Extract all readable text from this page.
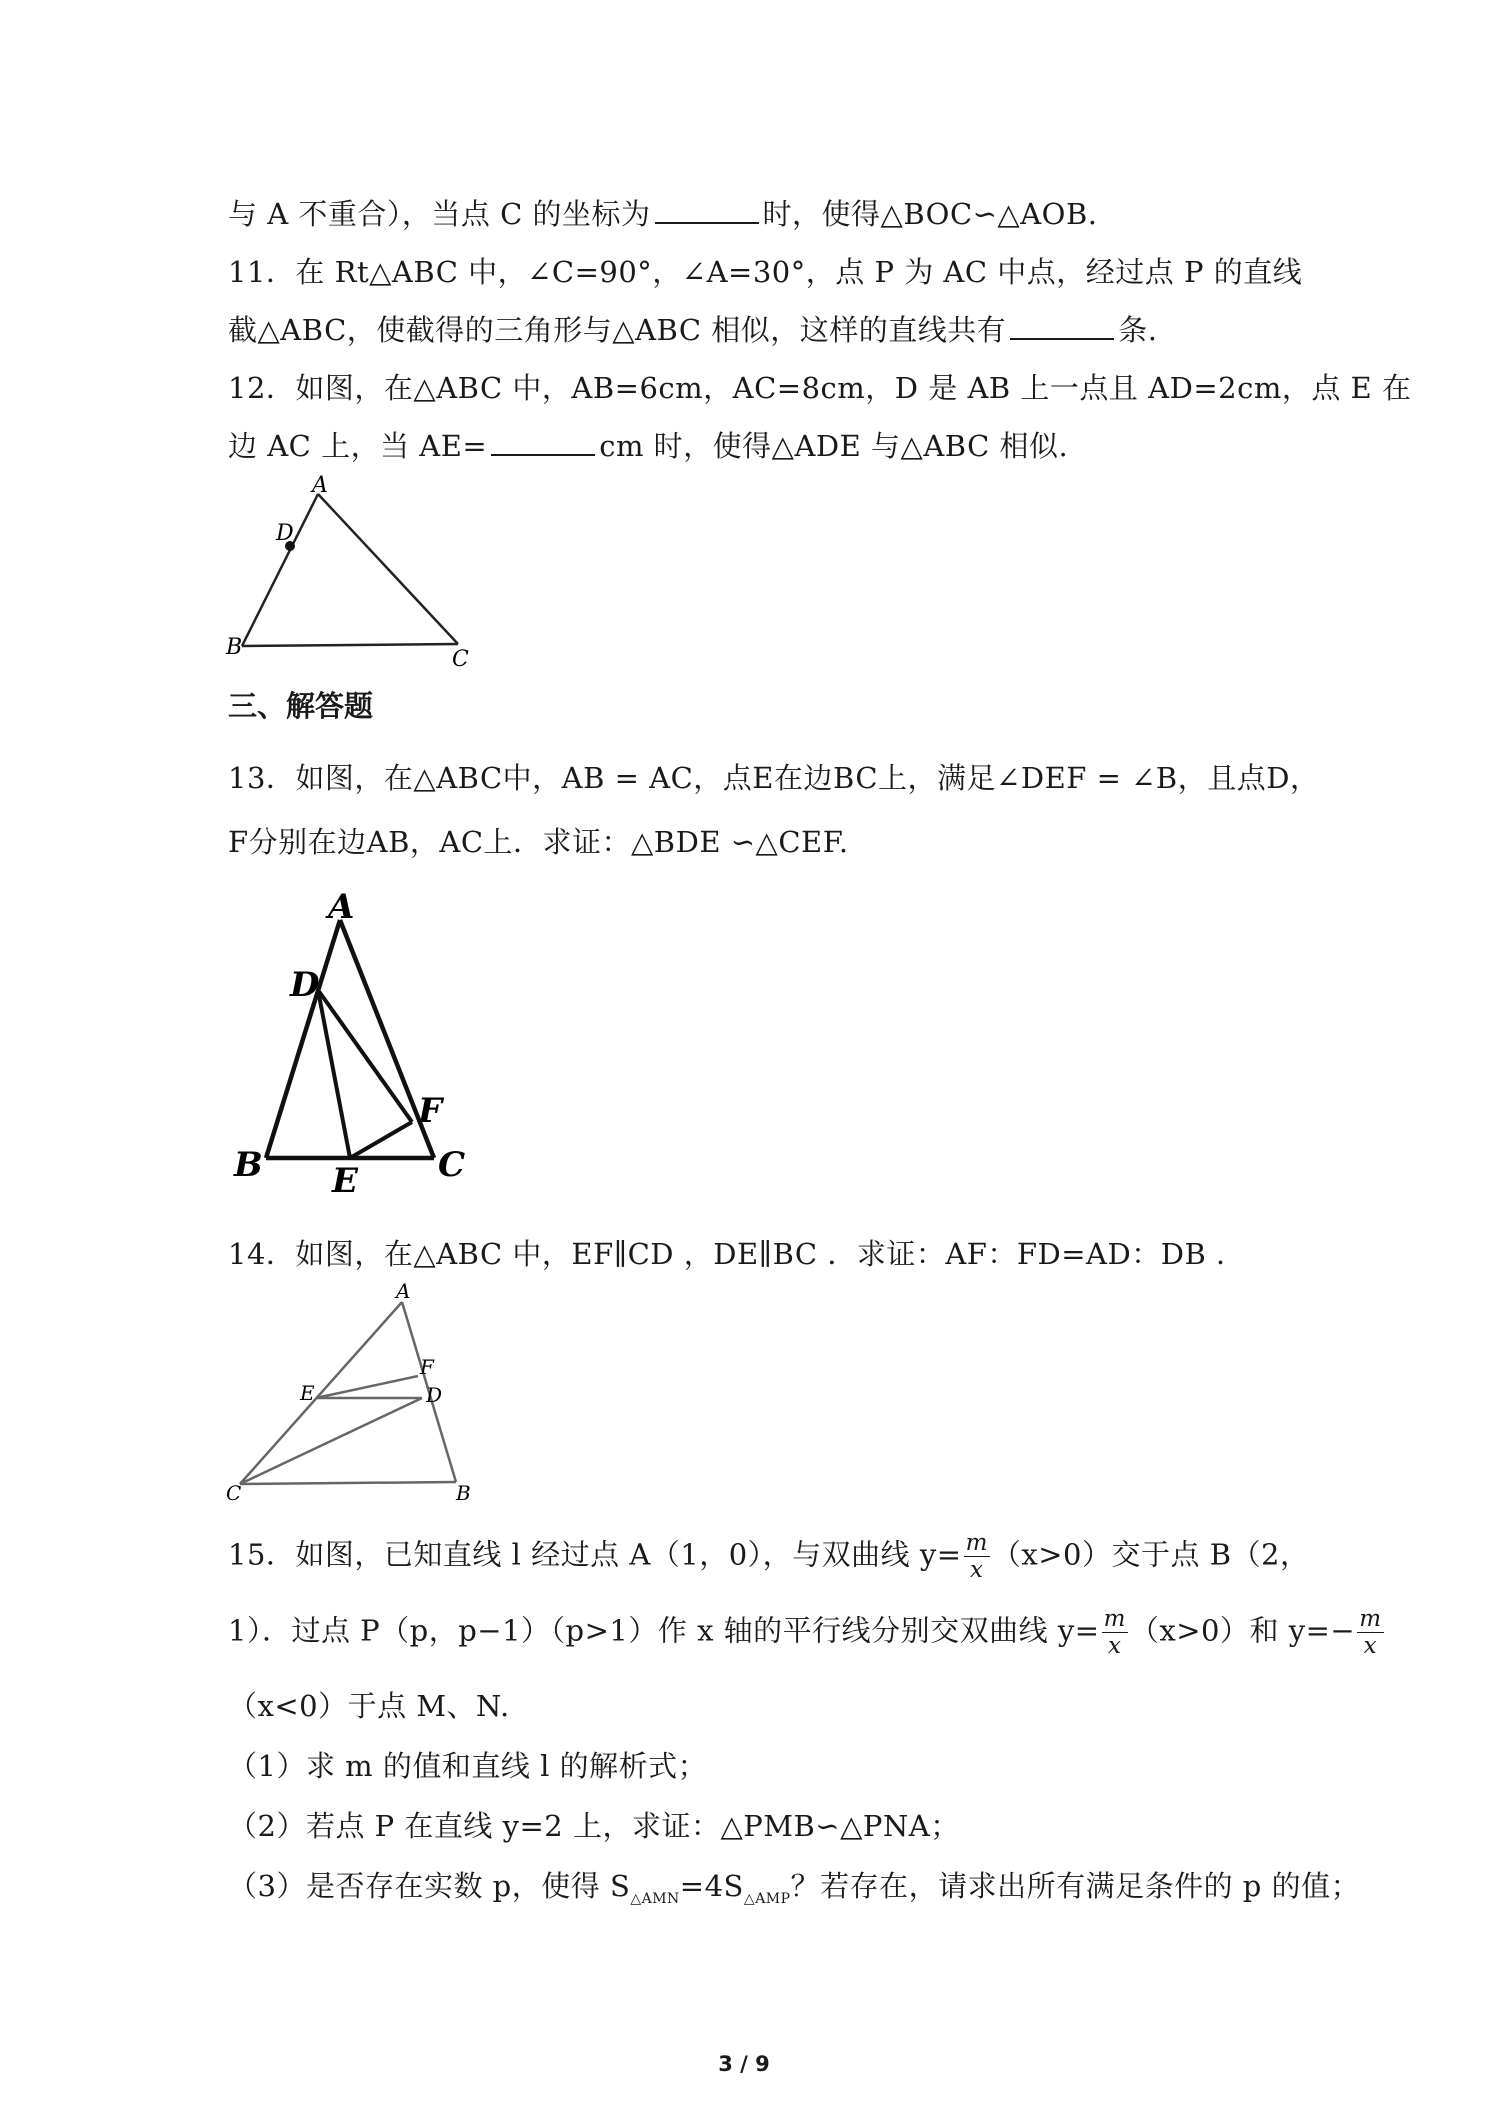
与 A 不重合），当点 C 的坐标为	时，使得△BOC∽△AOB.
11．在 Rt△ABC 中，∠C=90°，∠A=30°，点 P 为 AC 中点，经过点 P 的直线
截△ABC，使截得的三角形与△ABC 相似，这样的直线共有	条.
12．如图，在△ABC 中，AB=6cm，AC=8cm，D 是 AB 上一点且 AD=2cm，点 E 在
边 AC 上，当 AE=	cm 时，使得△ADE 与△ABC 相似.
A
D
B	C
三、解答题
13．如图，在△ABC中，AB = AC，点E在边BC上，满足∠DEF = ∠B，且点D，
F分别在边AB，AC上．求证：△BDE ∽△CEF.
A
D
F
B	C
E
14．如图，在△ABC 中，EF∥CD ，DE∥BC ．求证：AF：FD=AD：DB ．
A
F
E	D
C	B
15．如图，已知直线 l 经过点 A（1，0），与双曲线 $y= \frac{m}{x} (x>0)$交于点 B（2，
1）．过点 P（p，p−1）（p>1）作 x 轴的平行线分别交双曲线 $y= \frac{m}{x} (x>0)$和 $y=- \frac{m}{x}$
（x<0）于点 M、N.
（1）求 m 的值和直线 l 的解析式；
（2）若点 P 在直线 y=2 上，求证：△PMB∽△PNA；
（3）是否存在实数 p，使得 $S_{\triangle AMN}=4S_{\triangle AMP}$？若存在，请求出所有满足条件的 p 的值；
3 / 9
